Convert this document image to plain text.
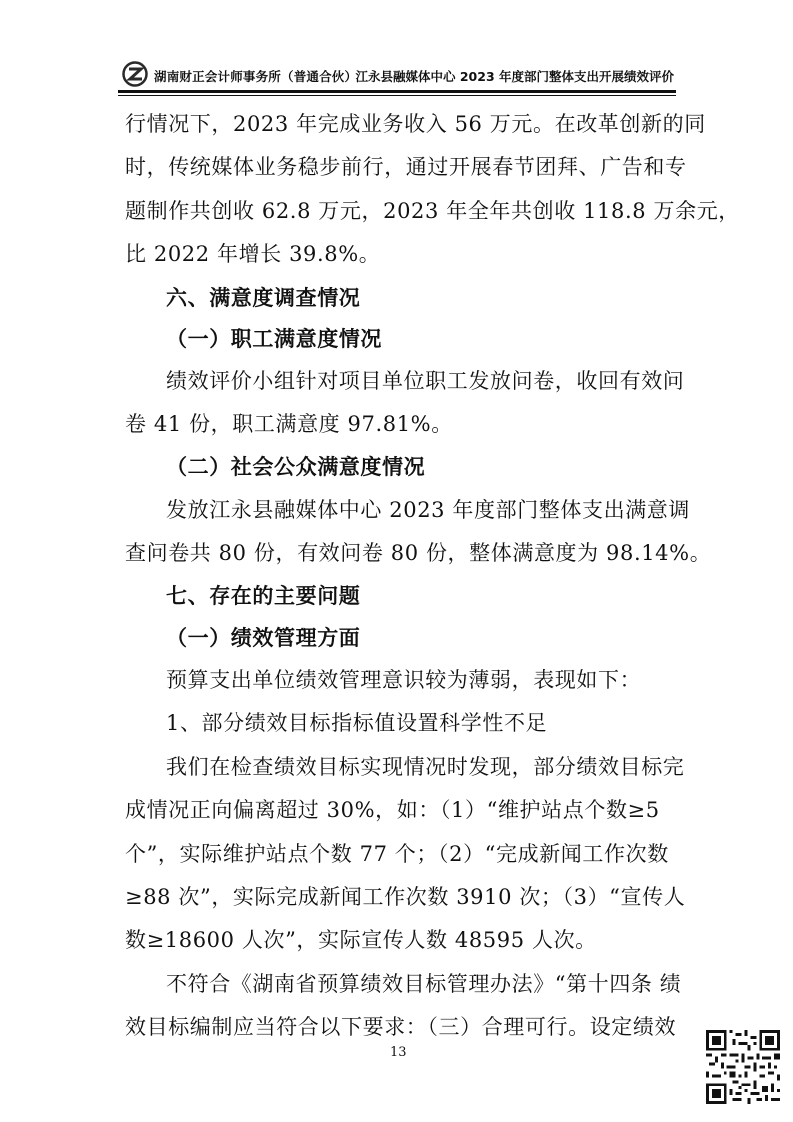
湖南财正会计师事务所（普通合伙）
江永县融媒体中心 2023 年度部门整体支出开展绩效评价
行情况下，2023 年完成业务收入 56 万元。在改革创新的同
时，传统媒体业务稳步前行，通过开展春节团拜、广告和专
题制作共创收 62.8 万元，2023 年全年共创收 118.8 万余元，
比 2022 年增长 39.8%。
六、满意度调查情况
（一）职工满意度情况
绩效评价小组针对项目单位职工发放问卷，收回有效问
卷 41 份，职工满意度 97.81%。
（二）社会公众满意度情况
发放江永县融媒体中心 2023 年度部门整体支出满意调
查问卷共 80 份，有效问卷 80 份，整体满意度为 98.14%。
七、存在的主要问题
（一）绩效管理方面
预算支出单位绩效管理意识较为薄弱，表现如下：
1、部分绩效目标指标值设置科学性不足
我们在检查绩效目标实现情况时发现，部分绩效目标完
成情况正向偏离超过 30%，如：（1）“维护站点个数≥5
个”，实际维护站点个数 77 个；（2）“完成新闻工作次数
≥88 次”，实际完成新闻工作次数 3910 次；（3）“宣传人
数≥18600 人次”，实际宣传人数 48595 人次。
不符合《湖南省预算绩效目标管理办法》“第十四条 绩
效目标编制应当符合以下要求：（三）合理可行。设定绩效
13
